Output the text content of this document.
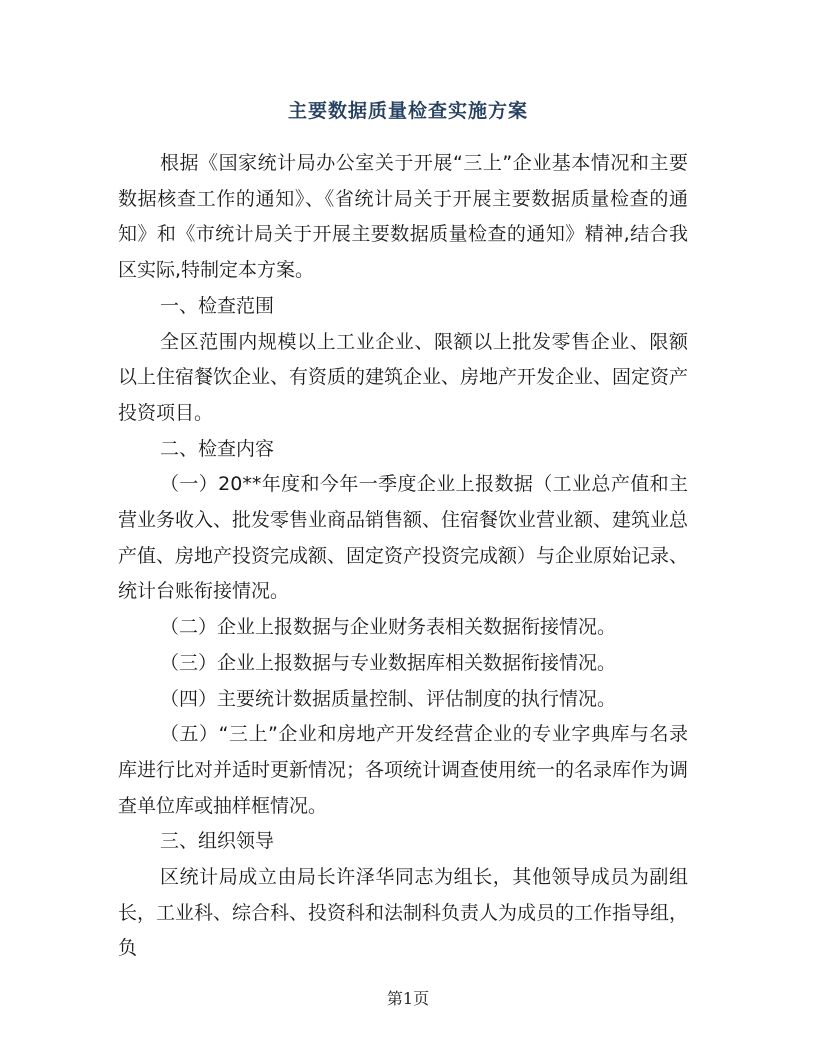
主要数据质量检查实施方案

根据《国家统计局办公室关于开展“三上”企业基本情况和主要数据核查工作的通知》、《省统计局关于开展主要数据质量检查的通知》和《市统计局关于开展主要数据质量检查的通知》精神,结合我区实际,特制定本方案。

一、检查范围

全区范围内规模以上工业企业、限额以上批发零售企业、限额以上住宿餐饮企业、有资质的建筑企业、房地产开发企业、固定资产投资项目。

二、检查内容

（一）20**年度和今年一季度企业上报数据（工业总产值和主营业务收入、批发零售业商品销售额、住宿餐饮业营业额、建筑业总产值、房地产投资完成额、固定资产投资完成额）与企业原始记录、统计台账衔接情况。

（二）企业上报数据与企业财务表相关数据衔接情况。

（三）企业上报数据与专业数据库相关数据衔接情况。

（四）主要统计数据质量控制、评估制度的执行情况。

（五）“三上”企业和房地产开发经营企业的专业字典库与名录库进行比对并适时更新情况；各项统计调查使用统一的名录库作为调查单位库或抽样框情况。

三、组织领导

区统计局成立由局长许泽华同志为组长，其他领导成员为副组长，工业科、综合科、投资科和法制科负责人为成员的工作指导组，负

第1页
